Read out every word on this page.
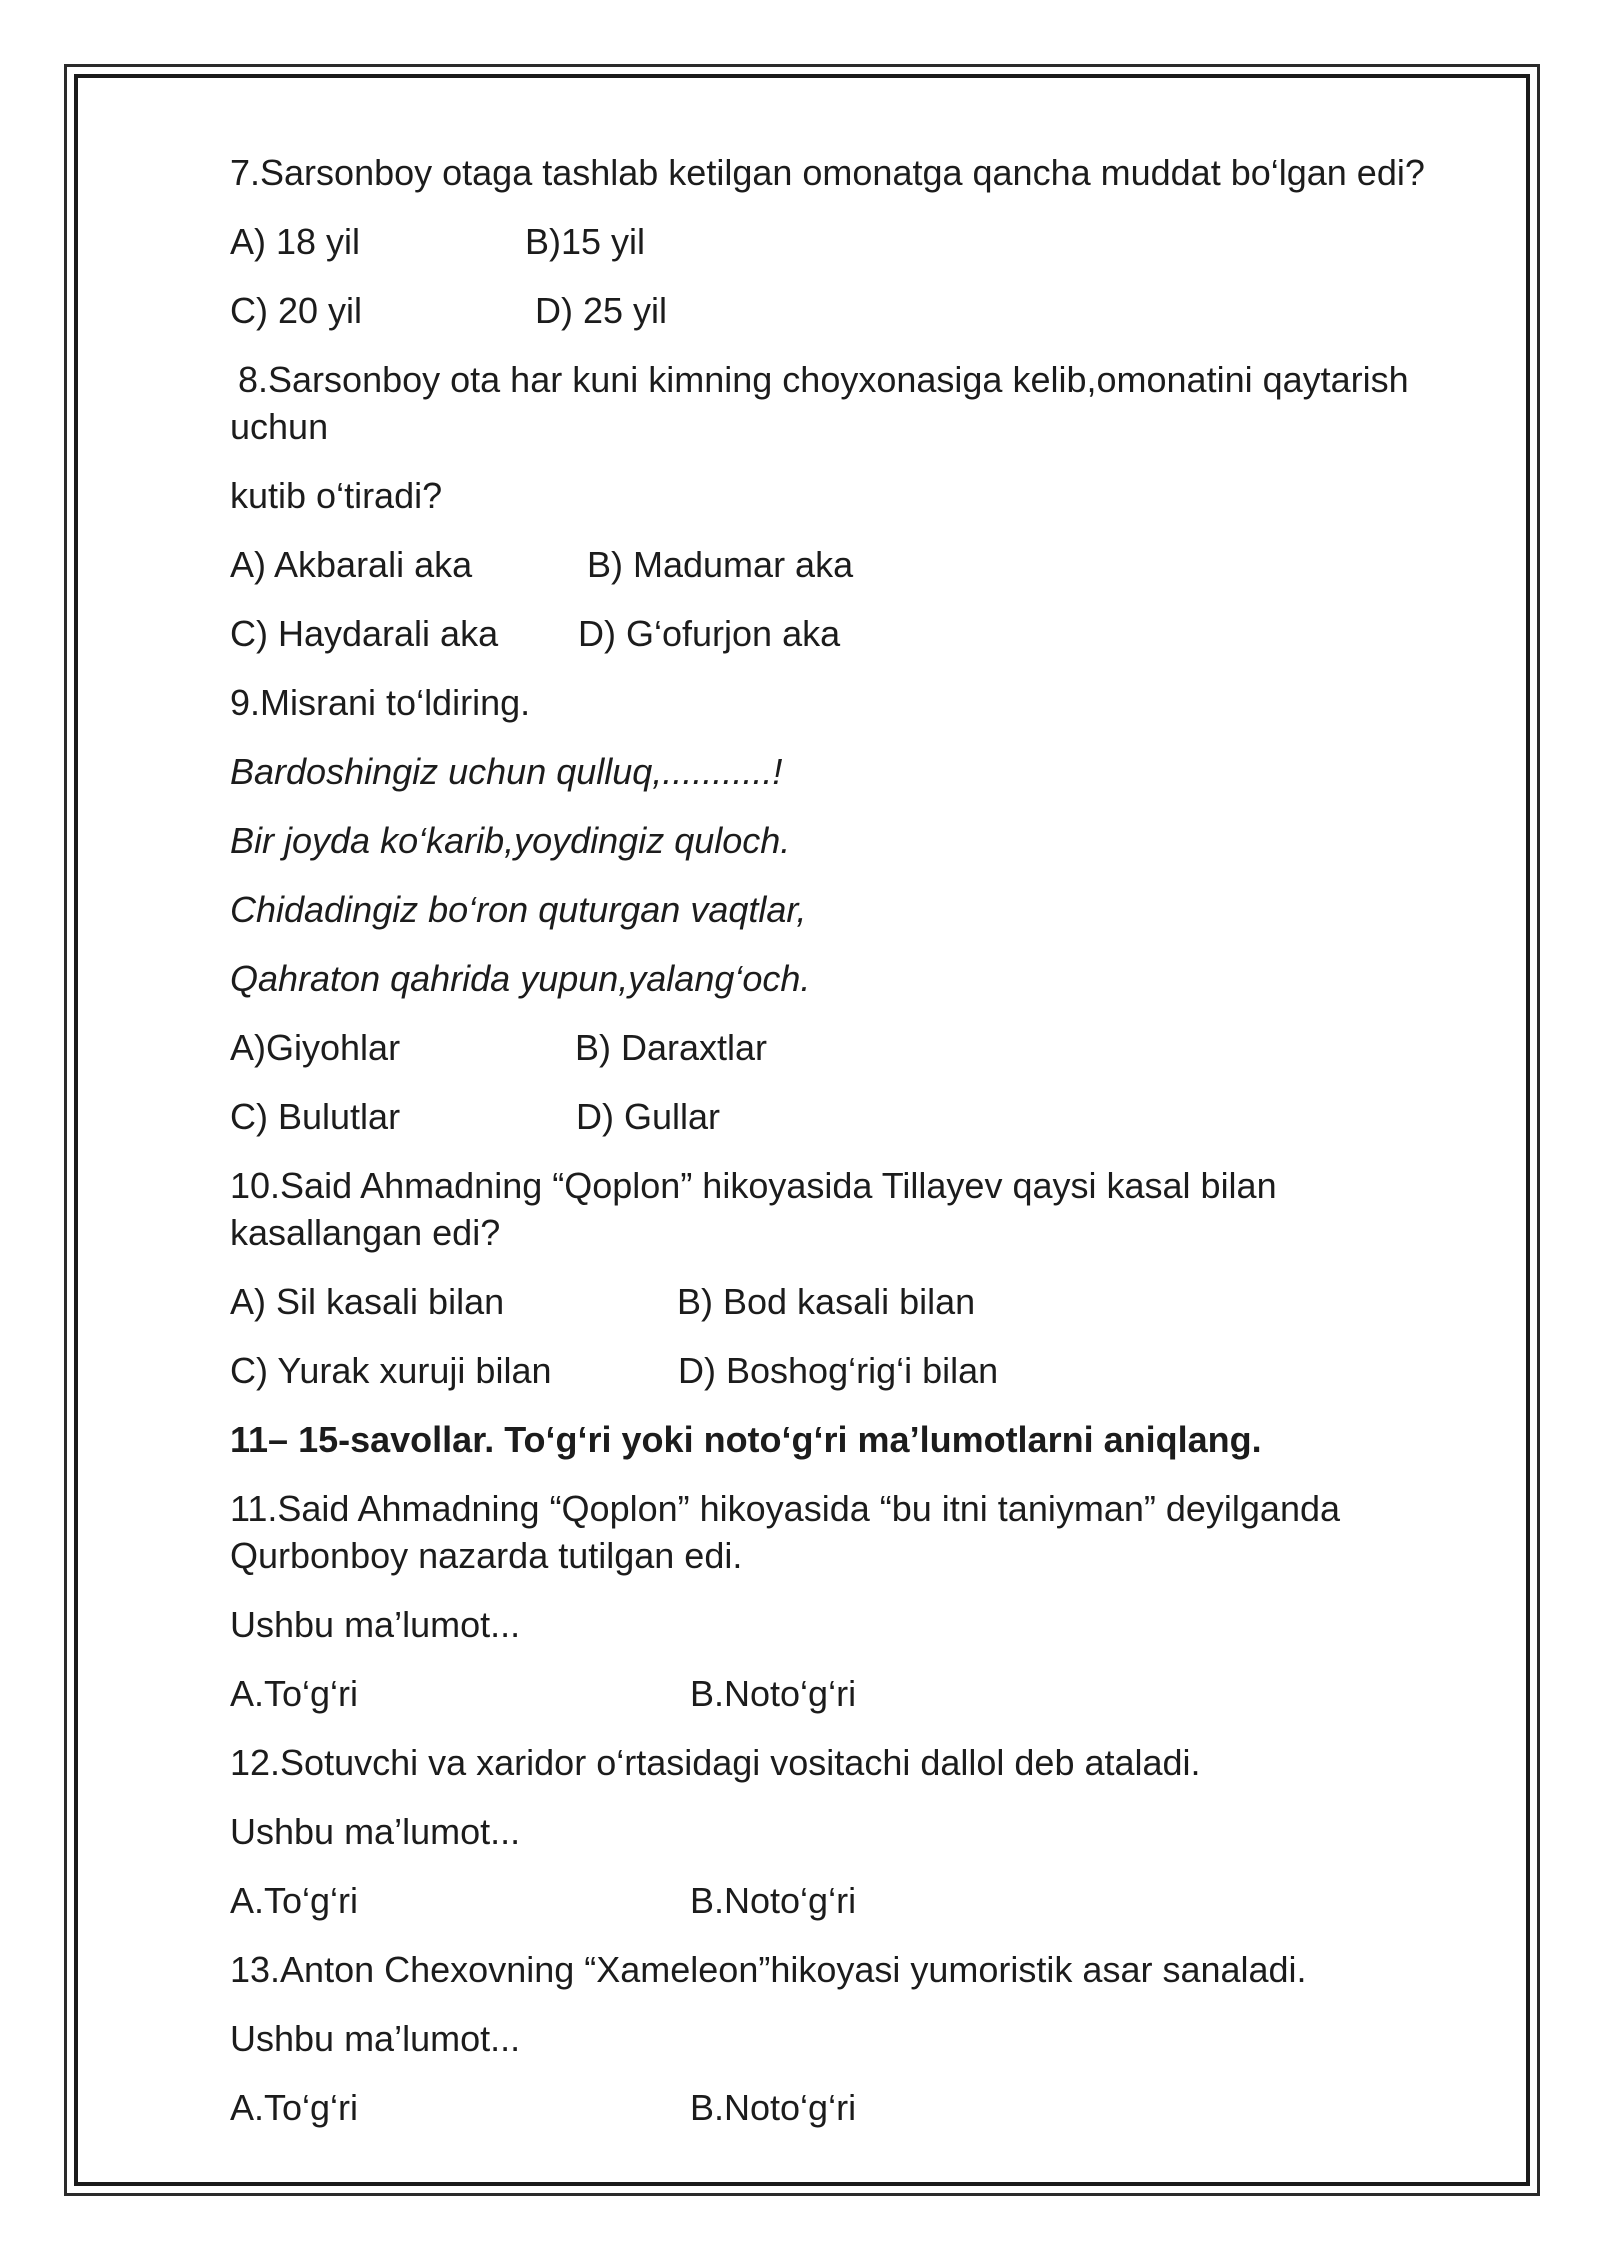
7.Sarsonboy otaga tashlab ketilgan omonatga qancha muddat bo‘lgan edi?
A) 18 yil	B)15 yil
C) 20 yil	D) 25 yil
8.Sarsonboy ota har kuni kimning choyxonasiga kelib,omonatini qaytarish
uchun
kutib o‘tiradi?
A) Akbarali aka	B) Madumar aka
C) Haydarali aka D) G‘ofurjon aka
9.Misrani to‘ldiring.
Bardoshingiz uchun qulluq,...........!
Bir joyda ko‘karib,yoydingiz quloch.
Chidadingiz bo‘ron quturgan vaqtlar,
Qahraton qahrida yupun,yalang‘och.
A)Giyohlar	B) Daraxtlar
C) Bulutlar	D) Gullar
10.Said Ahmadning “Qoplon” hikoyasida Tillayev qaysi kasal bilan
kasallangan edi?
A) Sil kasali bilan	B) Bod kasali bilan
C) Yurak xuruji bilan	D) Boshog‘rig‘i bilan
11– 15-savollar. To‘g‘ri yoki noto‘g‘ri ma’lumotlarni aniqlang.
11.Said Ahmadning “Qoplon” hikoyasida “bu itni taniyman” deyilganda
Qurbonboy nazarda tutilgan edi.
Ushbu ma’lumot...
A.To‘g‘ri	B.Noto‘g‘ri
12.Sotuvchi va xaridor o‘rtasidagi vositachi dallol deb ataladi.
Ushbu ma’lumot...
A.To‘g‘ri	B.Noto‘g‘ri
13.Anton Chexovning “Xameleon”hikoyasi yumoristik asar sanaladi.
Ushbu ma’lumot...
A.To‘g‘ri	B.Noto‘g‘ri
